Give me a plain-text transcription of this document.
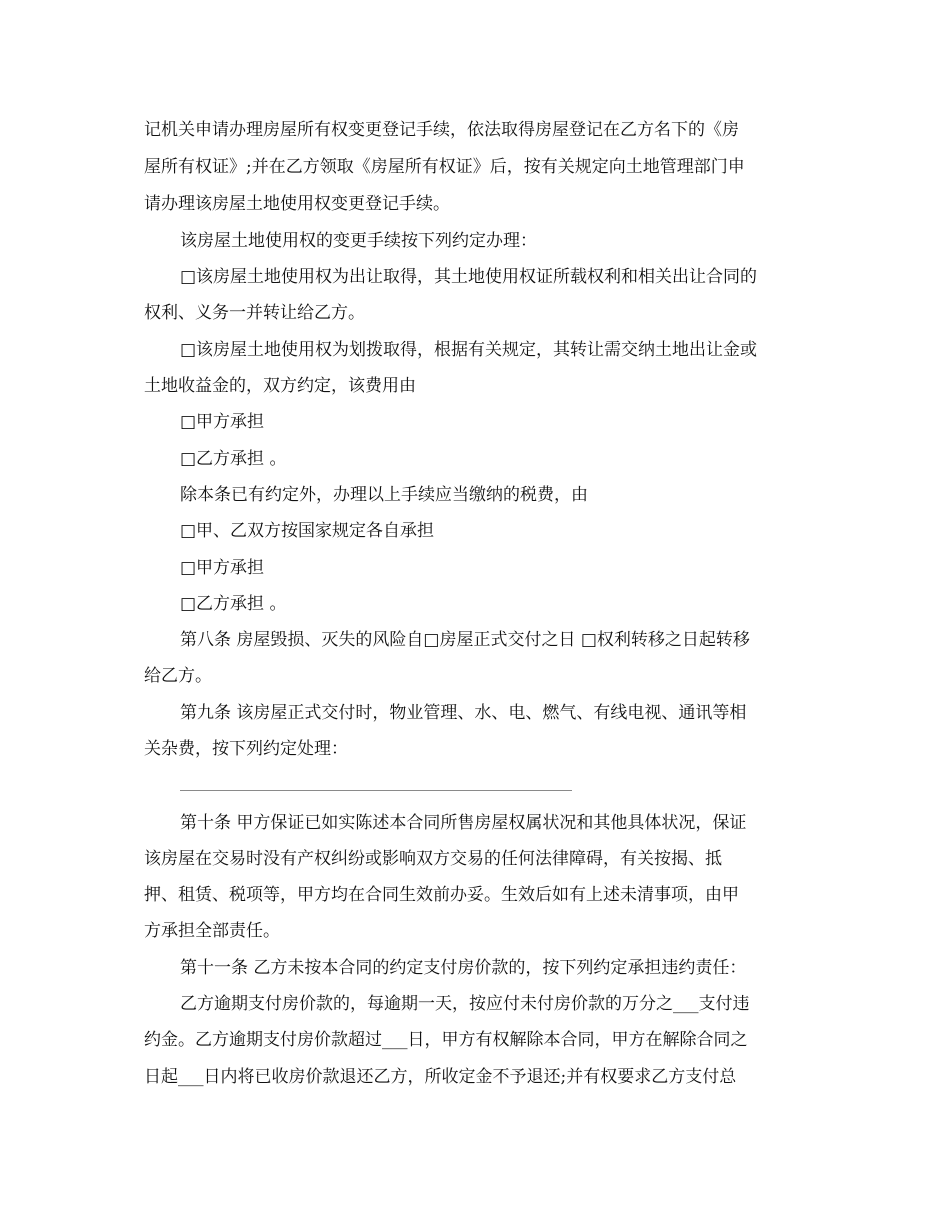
记机关申请办理房屋所有权变更登记手续，依法取得房屋登记在乙方名下的《房
屋所有权证》;并在乙方领取《房屋所有权证》后，按有关规定向土地管理部门申
请办理该房屋土地使用权变更登记手续。
该房屋土地使用权的变更手续按下列约定办理：
□该房屋土地使用权为出让取得，其土地使用权证所载权利和相关出让合同的
权利、义务一并转让给乙方。
□该房屋土地使用权为划拨取得，根据有关规定，其转让需交纳土地出让金或
土地收益金的，双方约定，该费用由
□甲方承担
□乙方承担 。
除本条已有约定外，办理以上手续应当缴纳的税费，由
□甲、乙双方按国家规定各自承担
□甲方承担
□乙方承担 。
第八条 房屋毁损、灭失的风险自□房屋正式交付之日 □权利转移之日起转移
给乙方。
第九条 该房屋正式交付时，物业管理、水、电、燃气、有线电视、通讯等相
关杂费，按下列约定处理：
第十条 甲方保证已如实陈述本合同所售房屋权属状况和其他具体状况，保证
该房屋在交易时没有产权纠纷或影响双方交易的任何法律障碍，有关按揭、抵
押、租赁、税项等，甲方均在合同生效前办妥。生效后如有上述未清事项，由甲
方承担全部责任。
第十一条 乙方未按本合同的约定支付房价款的，按下列约定承担违约责任：
乙方逾期支付房价款的，每逾期一天，按应付未付房价款的万分之___支付违
约金。乙方逾期支付房价款超过___日，甲方有权解除本合同，甲方在解除合同之
日起___日内将已收房价款退还乙方，所收定金不予退还;并有权要求乙方支付总
